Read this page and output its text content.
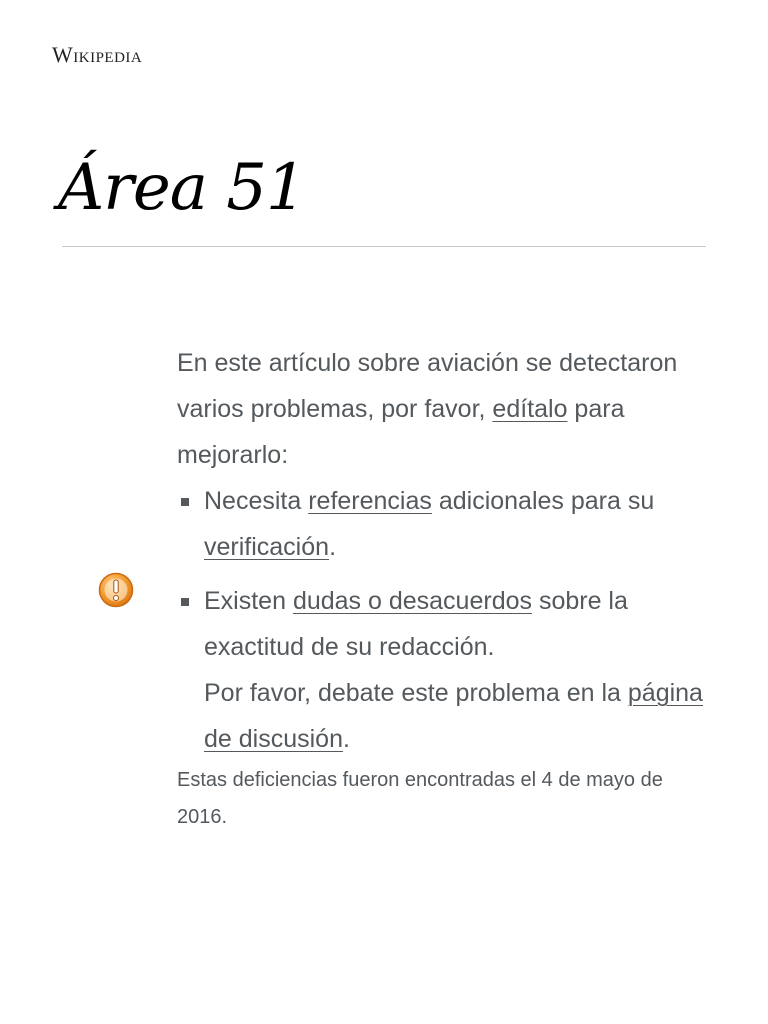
Wikipedia
Área 51

En este artículo sobre aviación se detectaron varios problemas, por favor, edítalo para mejorarlo:

Necesita referencias adicionales para su verificación.
Existen dudas o desacuerdos sobre la exactitud de su redacción.
Por favor, debate este problema en la página de discusión.

Estas deficiencias fueron encontradas el 4 de mayo de 2016.
